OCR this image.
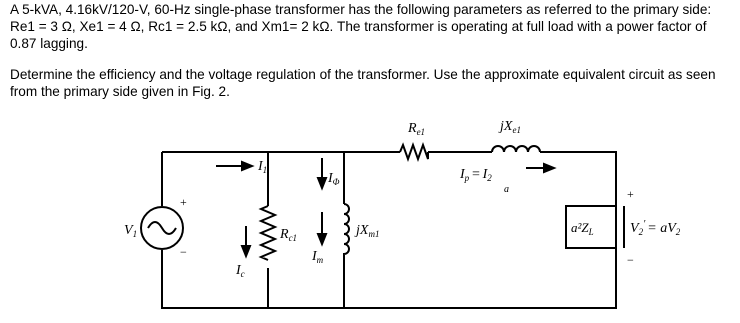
A 5-kVA, 4.16kV/120-V, 60-Hz single-phase transformer has the following parameters as referred to the primary side: Re1 = 3 Ω, Xe1 = 4 Ω, Rc1 = 2.5 kΩ, and Xm1= 2 kΩ. The transformer is operating at full load with a power factor of 0.87 lagging.

Determine the efficiency and the voltage regulation of the transformer. Use the approximate equivalent circuit as seen from the primary side given in Fig. 2.

$R_{e1}$	$jX_{e1}$
$I_p = I_2$
a
$I_1$
$I_\Phi$
$R_{c1}$	$jX_{m1}$
$I_m$
$I_c$
$V_1$
+
−
$a^2Z_L$	$V_2' = aV_2$
+
−
